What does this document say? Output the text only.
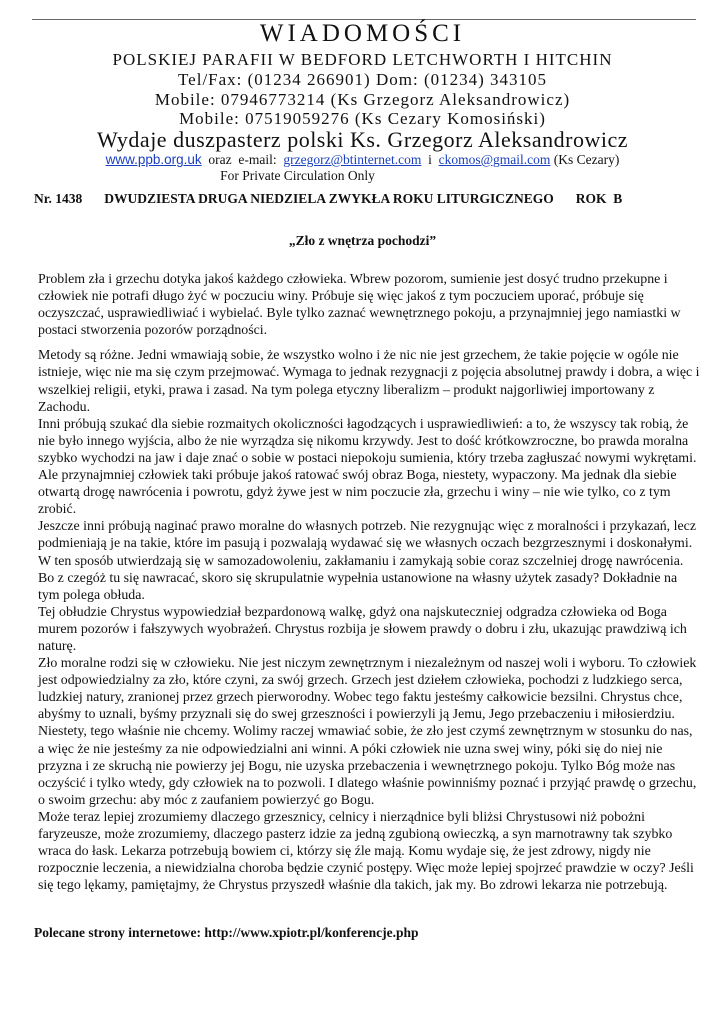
WIADOMOŚCI
POLSKIEJ PARAFII W BEDFORD LETCHWORTH I HITCHIN
Tel/Fax: (01234 266901) Dom: (01234) 343105
Mobile: 07946773214 (Ks Grzegorz Aleksandrowicz)
Mobile: 07519059276 (Ks Cezary Komosiński)
Wydaje duszpasterz polski Ks. Grzegorz Aleksandrowicz
www.ppb.org.uk  oraz  e-mail:  grzegorz@btinternet.com  i  ckomos@gmail.com (Ks Cezary)
For Private Circulation Only
Nr. 1438 DWUDZIESTA DRUGA NIEDZIELA ZWYKŁA ROKU LITURGICZNEGO ROK  B
„Zło z wnętrza pochodzi”

Problem zła i grzechu dotyka jakoś każdego człowieka. Wbrew pozorom, sumienie jest dosyć trudno przekupne i człowiek nie potrafi długo żyć w poczuciu winy. Próbuje się więc jakoś z tym poczuciem uporać, próbuje się oczyszczać, usprawiedliwiać i wybielać. Byle tylko zaznać wewnętrznego pokoju, a przynajmniej jego namiastki w postaci stworzenia pozorów porządności.

Metody są różne. Jedni wmawiają sobie, że wszystko wolno i że nic nie jest grzechem, że takie pojęcie w ogóle nie istnieje, więc nie ma się czym przejmować. Wymaga to jednak rezygnacji z pojęcia absolutnej prawdy i dobra, a więc i wszelkiej religii, etyki, prawa i zasad. Na tym polega etyczny liberalizm – produkt najgorliwiej importowany z Zachodu.

Inni próbują szukać dla siebie rozmaitych okoliczności łagodzących i usprawiedliwień: a to, że wszyscy tak robią, że nie było innego wyjścia, albo że nie wyrządza się nikomu krzywdy. Jest to dość krótkowzroczne, bo prawda moralna szybko wychodzi na jaw i daje znać o sobie w postaci niepokoju sumienia, który trzeba zagłuszać nowymi wykrętami. Ale przynajmniej człowiek taki próbuje jakoś ratować swój obraz Boga, niestety, wypaczony. Ma jednak dla siebie otwartą drogę nawrócenia i powrotu, gdyż żywe jest w nim poczucie zła, grzechu i winy – nie wie tylko, co z tym zrobić.

Jeszcze inni próbują naginać prawo moralne do własnych potrzeb. Nie rezygnując więc z moralności i przykazań, lecz podmieniają je na takie, które im pasują i pozwalają wydawać się we własnych oczach bezgrzesznymi i doskonałymi. W ten sposób utwierdzają się w samozadowoleniu, zakłamaniu i zamykają sobie coraz szczelniej drogę nawrócenia. Bo z czegóż tu się nawracać, skoro się skrupulatnie wypełnia ustanowione na własny użytek zasady? Dokładnie na tym polega obłuda.

Tej obłudzie Chrystus wypowiedział bezpardonową walkę, gdyż ona najskuteczniej odgradza człowieka od Boga murem pozorów i fałszywych wyobrażeń. Chrystus rozbija je słowem prawdy o dobru i złu, ukazując prawdziwą ich naturę.

Zło moralne rodzi się w człowieku. Nie jest niczym zewnętrznym i niezależnym od naszej woli i wyboru. To człowiek jest odpowiedzialny za zło, które czyni, za swój grzech. Grzech jest dziełem człowieka, pochodzi z ludzkiego serca, ludzkiej natury, zranionej przez grzech pierworodny. Wobec tego faktu jesteśmy całkowicie bezsilni. Chrystus chce, abyśmy to uznali, byśmy przyznali się do swej grzeszności i powierzyli ją Jemu, Jego przebaczeniu i miłosierdziu.

Niestety, tego właśnie nie chcemy. Wolimy raczej wmawiać sobie, że zło jest czymś zewnętrznym w stosunku do nas, a więc że nie jesteśmy za nie odpowiedzialni ani winni. A póki człowiek nie uzna swej winy, póki się do niej nie przyzna i ze skruchą nie powierzy jej Bogu, nie uzyska przebaczenia i wewnętrznego pokoju. Tylko Bóg może nas oczyścić i tylko wtedy, gdy człowiek na to pozwoli. I dlatego właśnie powinniśmy poznać i przyjąć prawdę o grzechu, o swoim grzechu: aby móc z zaufaniem powierzyć go Bogu.

Może teraz lepiej zrozumiemy dlaczego grzesznicy, celnicy i nierządnice byli bliżsi Chrystusowi niż pobożni faryzeusze, może zrozumiemy, dlaczego pasterz idzie za jedną zgubioną owieczką, a syn marnotrawny tak szybko wraca do łask. Lekarza potrzebują bowiem ci, którzy się źle mają. Komu wydaje się, że jest zdrowy, nigdy nie rozpocznie leczenia, a niewidzialna choroba będzie czynić postępy. Więc może lepiej spojrzeć prawdzie w oczy? Jeśli się tego lękamy, pamiętajmy, że Chrystus przyszedł właśnie dla takich, jak my. Bo zdrowi lekarza nie potrzebują.

Polecane strony internetowe: http://www.xpiotr.pl/konferencje.php
